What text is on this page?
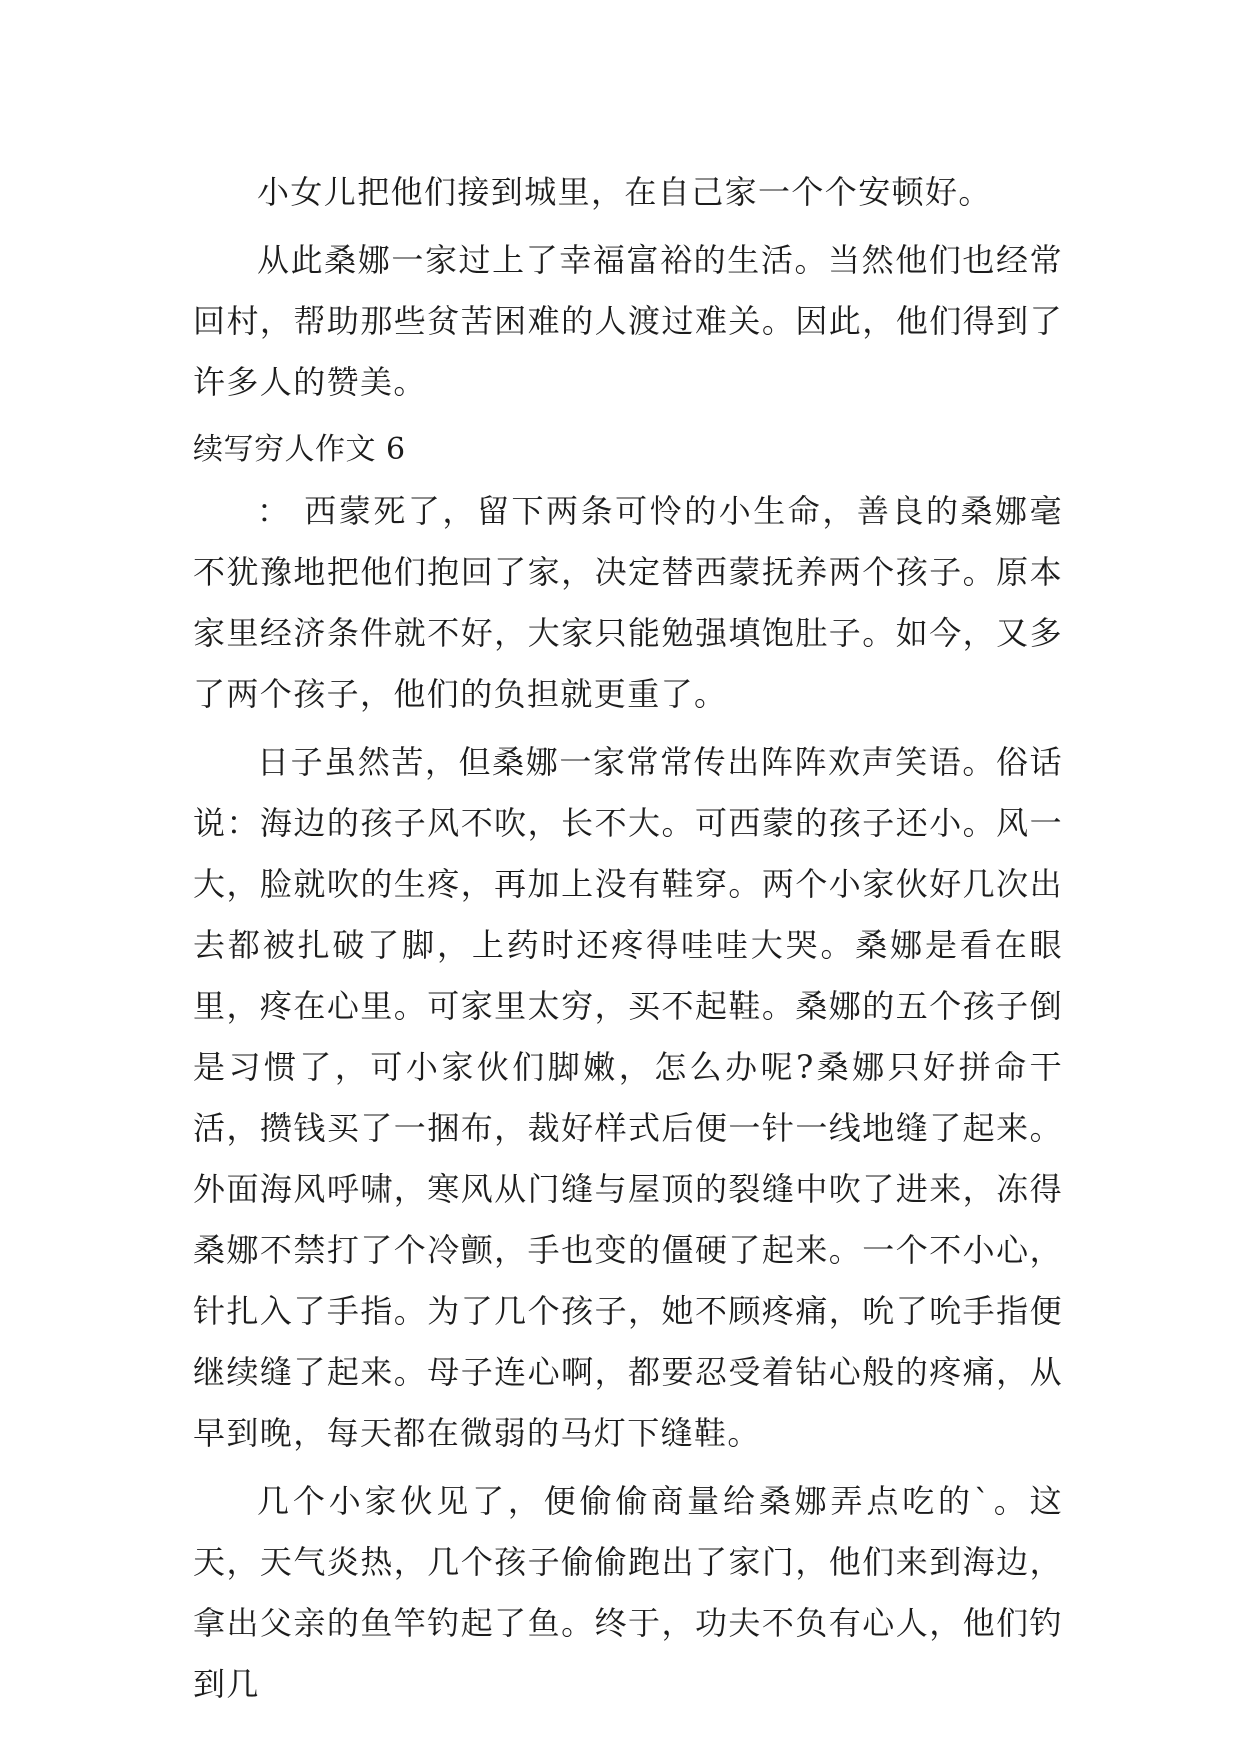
小女儿把他们接到城里，在自己家一个个安顿好。

从此桑娜一家过上了幸福富裕的生活。当然他们也经常回村，帮助那些贫苦困难的人渡过难关。因此，他们得到了许多人的赞美。

续写穷人作文 6

： 西蒙死了，留下两条可怜的小生命，善良的桑娜毫不犹豫地把他们抱回了家，决定替西蒙抚养两个孩子。原本家里经济条件就不好，大家只能勉强填饱肚子。如今，又多了两个孩子，他们的负担就更重了。

日子虽然苦，但桑娜一家常常传出阵阵欢声笑语。俗话说：海边的孩子风不吹，长不大。可西蒙的孩子还小。风一大，脸就吹的生疼，再加上没有鞋穿。两个小家伙好几次出去都被扎破了脚，上药时还疼得哇哇大哭。桑娜是看在眼里，疼在心里。可家里太穷，买不起鞋。桑娜的五个孩子倒是习惯了，可小家伙们脚嫩，怎么办呢?桑娜只好拼命干活，攒钱买了一捆布，裁好样式后便一针一线地缝了起来。外面海风呼啸，寒风从门缝与屋顶的裂缝中吹了进来，冻得桑娜不禁打了个冷颤，手也变的僵硬了起来。一个不小心，针扎入了手指。为了几个孩子，她不顾疼痛，吮了吮手指便继续缝了起来。母子连心啊，都要忍受着钻心般的疼痛，从早到晚，每天都在微弱的马灯下缝鞋。

几个小家伙见了，便偷偷商量给桑娜弄点吃的`。这天，天气炎热，几个孩子偷偷跑出了家门，他们来到海边，拿出父亲的鱼竿钓起了鱼。终于，功夫不负有心人，他们钓到几
